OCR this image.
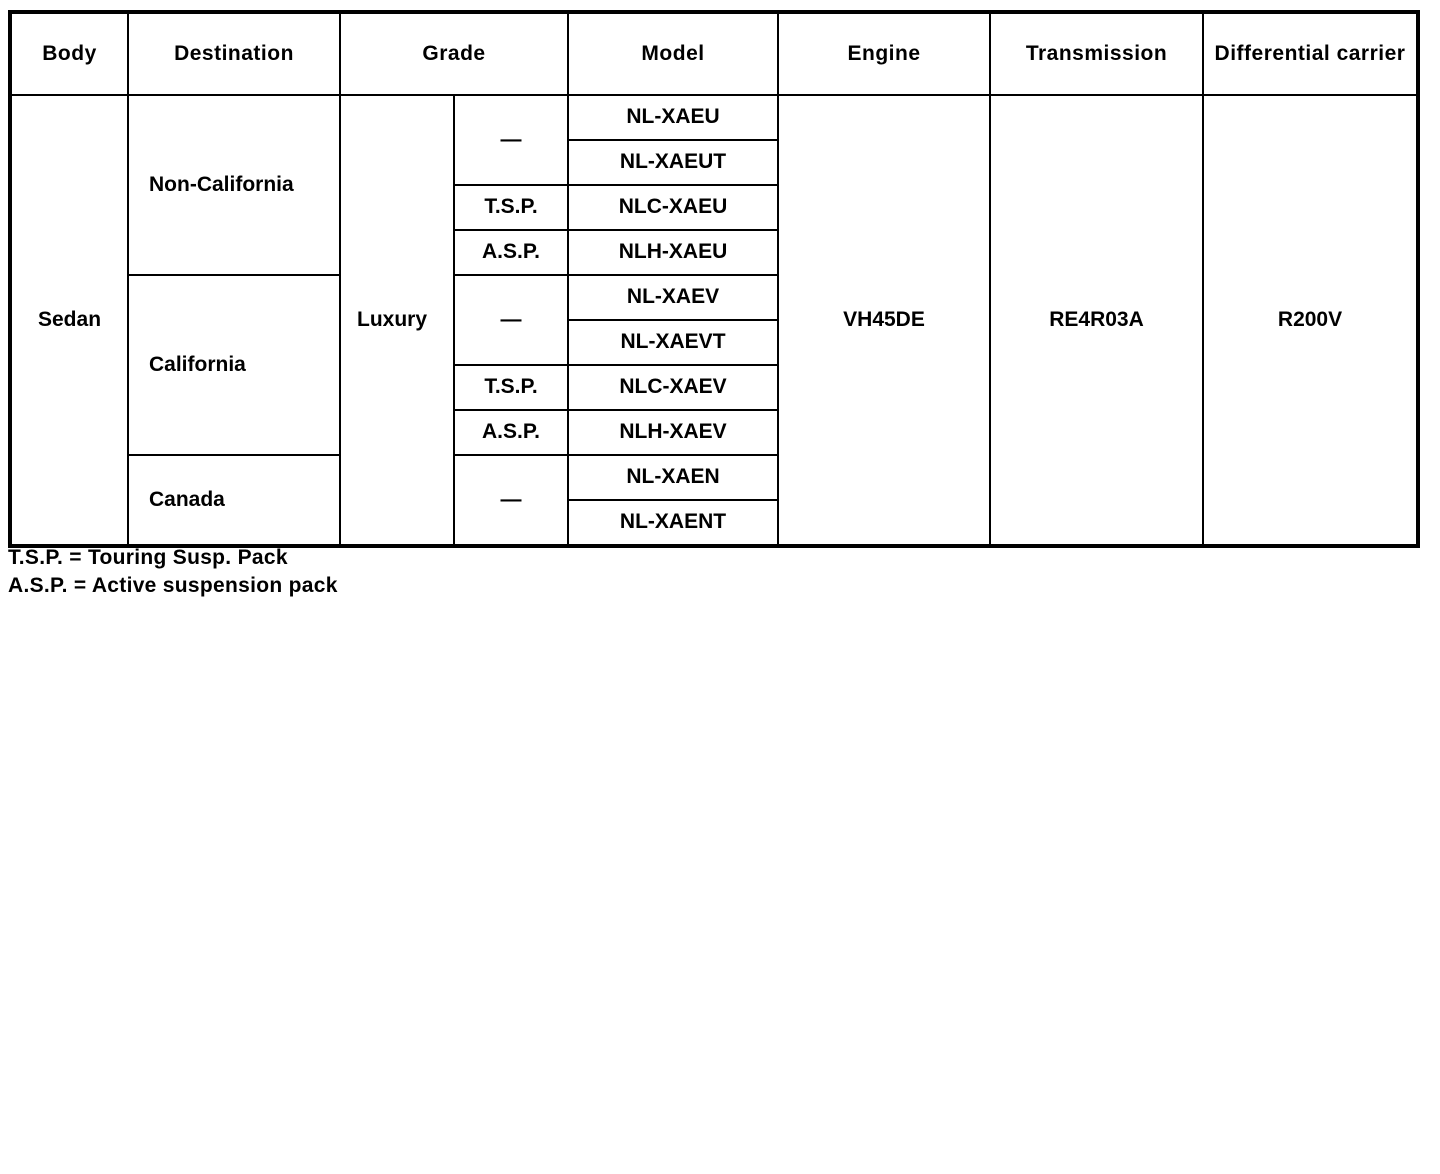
Body	Destination	Grade		Model	Engine	Transmission	Differential carrier
Sedan	Non-California	Luxury	—	NL-XAEU	VH45DE	RE4R03A	R200V
				NL-XAEUT			
			T.S.P.	NLC-XAEU			
			A.S.P.	NLH-XAEU			
	California		—	NL-XAEV			
				NL-XAEVT			
			T.S.P.	NLC-XAEV			
			A.S.P.	NLH-XAEV			
	Canada		—	NL-XAEN			
				NL-XAENT			
T.S.P. = Touring Susp. Pack
A.S.P. = Active suspension pack
